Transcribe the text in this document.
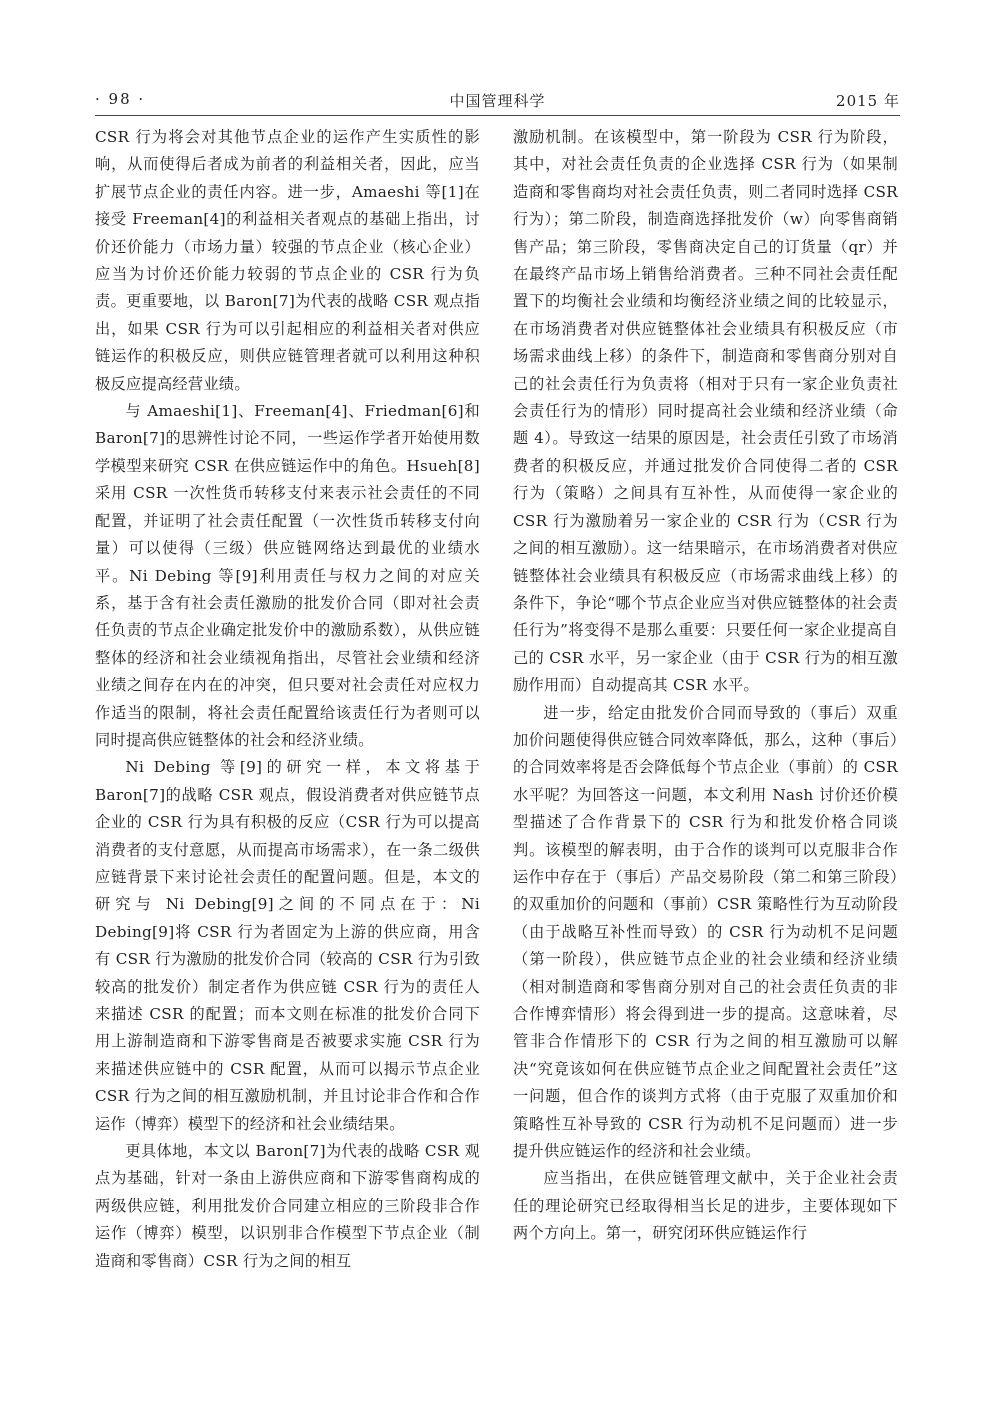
· 98 ·	中国管理科学	2015 年

CSR 行为将会对其他节点企业的运作产生实质性的影响，从而使得后者成为前者的利益相关者，因此，应当扩展节点企业的责任内容。进一步，Amaeshi 等[1]在接受 Freeman[4]的利益相关者观点的基础上指出，讨价还价能力（市场力量）较强的节点企业（核心企业）应当为讨价还价能力较弱的节点企业的 CSR 行为负责。更重要地，以 Baron[7]为代表的战略 CSR 观点指出，如果 CSR 行为可以引起相应的利益相关者对供应链运作的积极反应，则供应链管理者就可以利用这种积极反应提高经营业绩。

与 Amaeshi[1]、Freeman[4]、Friedman[6]和 Baron[7]的思辨性讨论不同，一些运作学者开始使用数学模型来研究 CSR 在供应链运作中的角色。Hsueh[8]采用 CSR 一次性货币转移支付来表示社会责任的不同配置，并证明了社会责任配置（一次性货币转移支付向量）可以使得（三级）供应链网络达到最优的业绩水平。Ni Debing 等[9]利用责任与权力之间的对应关系，基于含有社会责任激励的批发价合同（即对社会责任负责的节点企业确定批发价中的激励系数），从供应链整体的经济和社会业绩视角指出，尽管社会业绩和经济业绩之间存在内在的冲突，但只要对社会责任对应权力作适当的限制，将社会责任配置给该责任行为者则可以同时提高供应链整体的社会和经济业绩。

Ni Debing 等[9]的研究一样，本文将基于 Baron[7]的战略 CSR 观点，假设消费者对供应链节点企业的 CSR 行为具有积极的反应（CSR 行为可以提高消费者的支付意愿，从而提高市场需求），在一条二级供应链背景下来讨论社会责任的配置问题。但是，本文的研究与 Ni Debing[9]之间的不同点在于：Ni Debing[9]将 CSR 行为者固定为上游的供应商，用含有 CSR 行为激励的批发价合同（较高的 CSR 行为引致较高的批发价）制定者作为供应链 CSR 行为的责任人来描述 CSR 的配置；而本文则在标准的批发价合同下用上游制造商和下游零售商是否被要求实施 CSR 行为来描述供应链中的 CSR 配置，从而可以揭示节点企业 CSR 行为之间的相互激励机制，并且讨论非合作和合作运作（博弈）模型下的经济和社会业绩结果。

更具体地，本文以 Baron[7]为代表的战略 CSR 观点为基础，针对一条由上游供应商和下游零售商构成的两级供应链，利用批发价合同建立相应的三阶段非合作运作（博弈）模型，以识别非合作模型下节点企业（制造商和零售商）CSR 行为之间的相互

激励机制。在该模型中，第一阶段为 CSR 行为阶段，其中，对社会责任负责的企业选择 CSR 行为（如果制造商和零售商均对社会责任负责，则二者同时选择 CSR 行为）；第二阶段，制造商选择批发价（w）向零售商销售产品；第三阶段，零售商决定自己的订货量（qr）并在最终产品市场上销售给消费者。三种不同社会责任配置下的均衡社会业绩和均衡经济业绩之间的比较显示，在市场消费者对供应链整体社会业绩具有积极反应（市场需求曲线上移）的条件下，制造商和零售商分别对自己的社会责任行为负责将（相对于只有一家企业负责社会责任行为的情形）同时提高社会业绩和经济业绩（命题 4）。导致这一结果的原因是，社会责任引致了市场消费者的积极反应，并通过批发价合同使得二者的 CSR 行为（策略）之间具有互补性，从而使得一家企业的 CSR 行为激励着另一家企业的 CSR 行为（CSR 行为之间的相互激励）。这一结果暗示，在市场消费者对供应链整体社会业绩具有积极反应（市场需求曲线上移）的条件下，争论“哪个节点企业应当对供应链整体的社会责任行为”将变得不是那么重要：只要任何一家企业提高自己的 CSR 水平，另一家企业（由于 CSR 行为的相互激励作用而）自动提高其 CSR 水平。

进一步，给定由批发价合同而导致的（事后）双重加价问题使得供应链合同效率降低，那么，这种（事后）的合同效率将是否会降低每个节点企业（事前）的 CSR 水平呢？为回答这一问题，本文利用 Nash 讨价还价模型描述了合作背景下的 CSR 行为和批发价格合同谈判。该模型的解表明，由于合作的谈判可以克服非合作运作中存在于（事后）产品交易阶段（第二和第三阶段）的双重加价的问题和（事前）CSR 策略性行为互动阶段（由于战略互补性而导致）的 CSR 行为动机不足问题（第一阶段），供应链节点企业的社会业绩和经济业绩（相对制造商和零售商分别对自己的社会责任负责的非合作博弈情形）将会得到进一步的提高。这意味着，尽管非合作情形下的 CSR 行为之间的相互激励可以解决“究竟该如何在供应链节点企业之间配置社会责任”这一问题，但合作的谈判方式将（由于克服了双重加价和策略性互补导致的 CSR 行为动机不足问题而）进一步提升供应链运作的经济和社会业绩。

应当指出，在供应链管理文献中，关于企业社会责任的理论研究已经取得相当长足的进步，主要体现如下两个方向上。第一，研究闭环供应链运作行
